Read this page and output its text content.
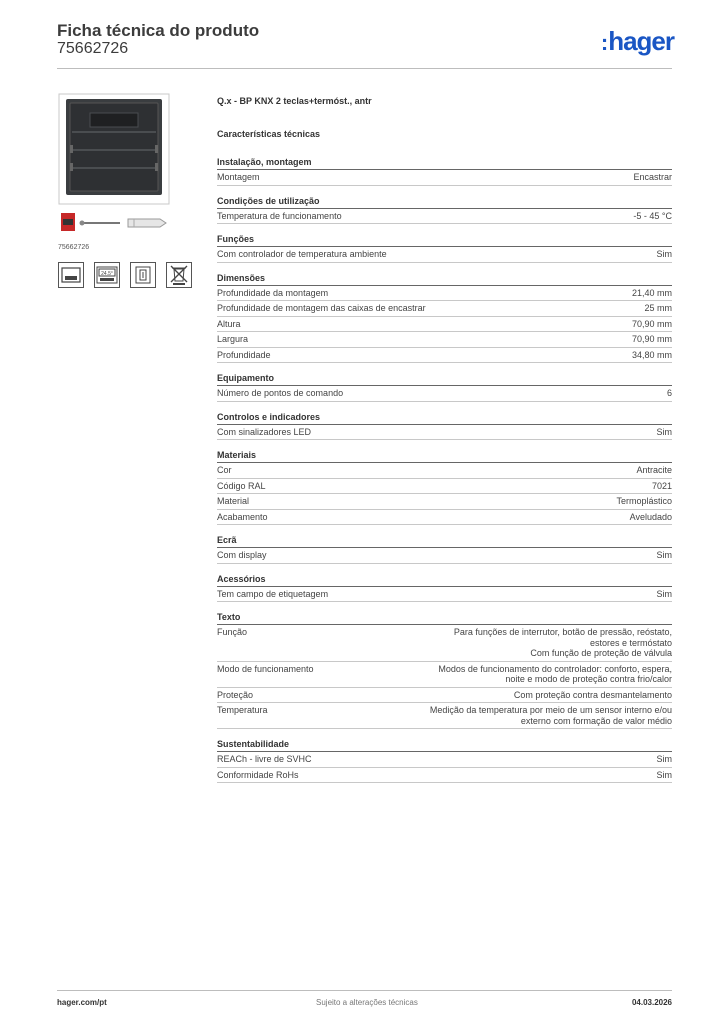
Ficha técnica do produto
75662726	:hager
75662726
24.5°
Q.x - BP KNX 2 teclas+termóst., antr
Características técnicas
Instalação, montagem
Montagem	Encastrar
Condições de utilização
Temperatura de funcionamento	-5 - 45 °C
Funções
Com controlador de temperatura ambiente	Sim
Dimensões
Profundidade da montagem	21,40 mm
Profundidade de montagem das caixas de encastrar	25 mm
Altura	70,90 mm
Largura	70,90 mm
Profundidade	34,80 mm
Equipamento
Número de pontos de comando	6
Controlos e indicadores
Com sinalizadores LED	Sim
Materiais
Cor	Antracite
Código RAL	7021
Material	Termoplástico
Acabamento	Aveludado
Ecrã
Com display	Sim
Acessórios
Tem campo de etiquetagem	Sim
Texto
Função	Para funções de interrutor, botão de pressão, reóstato, estores e termóstato
Com função de proteção de válvula
Modo de funcionamento	Modos de funcionamento do controlador: conforto, espera, noite e modo de proteção contra frio/calor
Proteção	Com proteção contra desmantelamento
Temperatura	Medição da temperatura por meio de um sensor interno e/ou externo com formação de valor médio
Sustentabilidade
REACh - livre de SVHC	Sim
Conformidade RoHs	Sim
hager.com/pt	Sujeito a alterações técnicas	04.03.2026
